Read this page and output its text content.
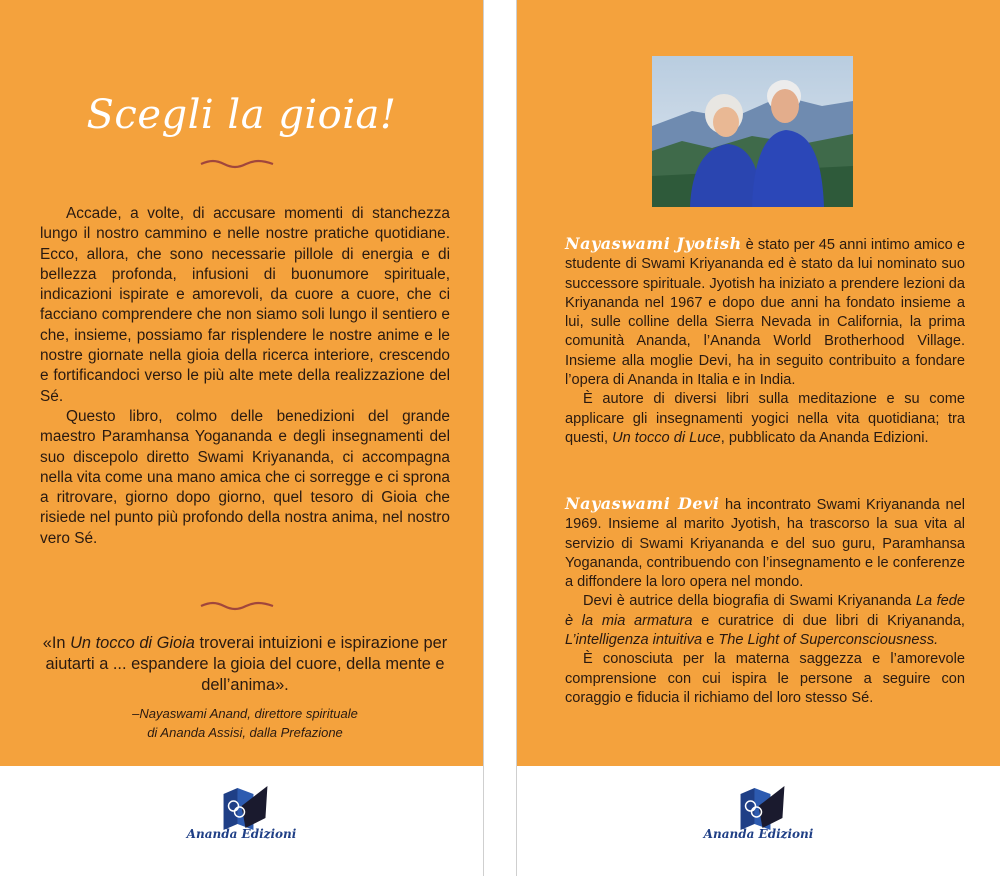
Scegli la gioia!

Accade, a volte, di accusare momenti di stanchezza lungo il nostro cammino e nelle nostre pratiche quotidiane. Ecco, allora, che sono necessarie pillole di energia e di bellezza profonda, infusioni di buonumore spirituale, indicazioni ispirate e amorevoli, da cuore a cuore, che ci facciano comprendere che non siamo soli lungo il sentiero e che, insieme, possiamo far risplendere le nostre anime e le nostre giornate nella gioia della ricerca interiore, crescendo e fortificandoci verso le più alte mete della realizzazione del Sé.

Questo libro, colmo delle benedizioni del grande maestro Paramhansa Yogananda e degli insegnamenti del suo discepolo diretto Swami Kriyananda, ci accompagna nella vita come una mano amica che ci sorregge e ci sprona a ritrovare, giorno dopo giorno, quel tesoro di Gioia che risiede nel punto più profondo della nostra anima, nel nostro vero Sé.

«In Un tocco di Gioia troverai intuizioni e ispirazione per aiutarti a ... espandere la gioia del cuore, della mente e dell’anima».
–Nayaswami Anand, direttore spirituale
di Ananda Assisi, dalla Prefazione
Ananda Edizioni

Nayaswami Jyotish è stato per 45 anni intimo amico e studente di Swami Kriyananda ed è stato da lui nominato suo successore spirituale. Jyotish ha iniziato a prendere lezioni da Kriyananda nel 1967 e dopo due anni ha fondato insieme a lui, sulle colline della Sierra Nevada in California, la prima comunità Ananda, l’Ananda World Brotherhood Village. Insieme alla moglie Devi, ha in seguito contribuito a fondare l’opera di Ananda in Italia e in India.

È autore di diversi libri sulla meditazione e su come applicare gli insegnamenti yogici nella vita quotidiana; tra questi, Un tocco di Luce, pubblicato da Ananda Edizioni.

Nayaswami Devi ha incontrato Swami Kriyananda nel 1969. Insieme al marito Jyotish, ha trascorso la sua vita al servizio di Swami Kriyananda e del suo guru, Paramhansa Yogananda, contribuendo con l’insegnamento e le conferenze a diffondere la loro opera nel mondo.

Devi è autrice della biografia di Swami Kriyananda La fede è la mia armatura e curatrice di due libri di Kriyananda, L’intelligenza intuitiva e The Light of Superconsciousness.

È conosciuta per la materna saggezza e l’amorevole comprensione con cui ispira le persone a seguire con coraggio e fiducia il richiamo del loro stesso Sé.

Ananda Edizioni
